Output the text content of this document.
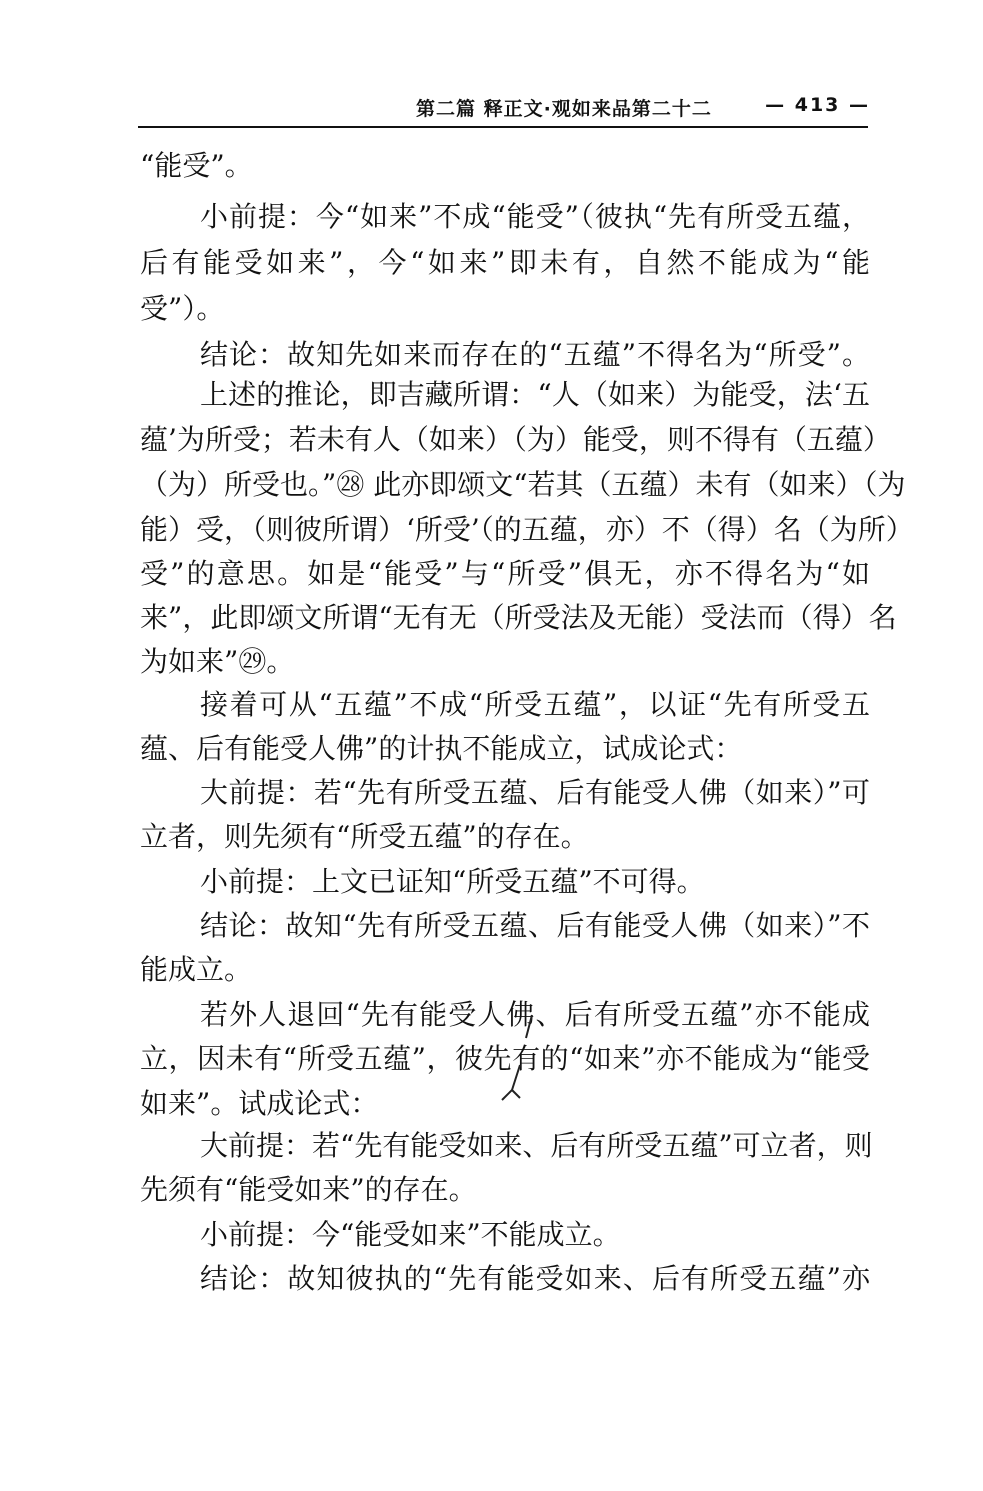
第二篇 释正文·观如来品第二十二	— 413 —
“能受”。
小前提：今“如来”不成“能受”（彼执“先有所受五蕴，
后有能受如来”，今“如来”即未有，自然不能成为“能
受”）。
结论：故知先如来而存在的“五蕴”不得名为“所受”。
上述的推论，即吉藏所谓：“人（如来）为能受，法‘五
蕴’为所受；若未有人（如来）（为）能受，则不得有（五蕴）
（为）所受也。”㉘ 此亦即颂文“若其（五蕴）未有（如来）（为
能）受，（则彼所谓）‘所受’（的五蕴，亦）不（得）名（为所）
受”的意思。如是“能受”与“所受”俱无，亦不得名为“如
来”，此即颂文所谓“无有无（所受法及无能）受法而（得）名
为如来”㉙。
接着可从“五蕴”不成“所受五蕴”，以证“先有所受五
蕴、后有能受人佛”的计执不能成立，试成论式：
大前提：若“先有所受五蕴、后有能受人佛（如来）”可
立者，则先须有“所受五蕴”的存在。
小前提：上文已证知“所受五蕴”不可得。
结论：故知“先有所受五蕴、后有能受人佛（如来）”不
能成立。
若外人退回“先有能受人佛、后有所受五蕴”亦不能成
立，因未有“所受五蕴”，彼先有的“如来”亦不能成为“能受
如来”。试成论式：
大前提：若“先有能受如来、后有所受五蕴”可立者，则
先须有“能受如来”的存在。
小前提：今“能受如来”不能成立。
结论：故知彼执的“先有能受如来、后有所受五蕴”亦
